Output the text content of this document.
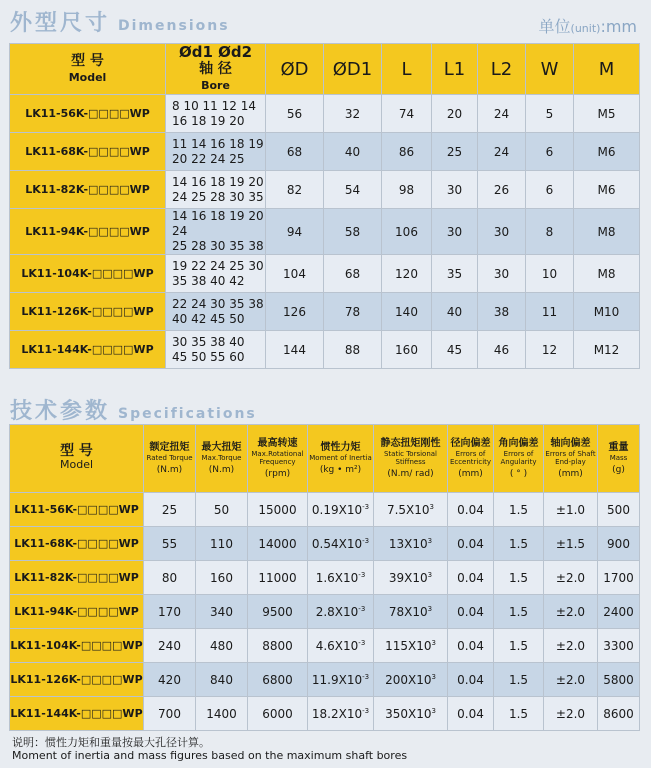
外型尺寸 Dimensions	单位(unit):mm
型 号
Model	Ød1 Ød2
轴 径
Bore	ØD	ØD1	L	L1	L2	W	M
LK11-56K-□□□□WP	8 10 11 12 14
16 18 19 20	56	32	74	20	24	5	M5
LK11-68K-□□□□WP	11 14 16 18 19
20 22 24 25	68	40	86	25	24	6	M6
LK11-82K-□□□□WP	14 16 18 19 20
24 25 28 30 35	82	54	98	30	26	6	M6
LK11-94K-□□□□WP	14 16 18 19 20 24
25 28 30 35 38	94	58	106	30	30	8	M8
LK11-104K-□□□□WP	19 22 24 25 30
35 38 40 42	104	68	120	35	30	10	M8
LK11-126K-□□□□WP	22 24 30 35 38
40 42 45 50	126	78	140	40	38	11	M10
LK11-144K-□□□□WP	30 35 38 40
45 50 55 60	144	88	160	45	46	12	M12
技术参数 Specifications
型 号
Model	额定扭矩
Rated Torque
(N.m)	最大扭矩
Max.Torque
(N.m)	最高转速
Max.Rotational Frequency
(rpm)	惯性力矩
Moment of Inertia
(kg • m²)	静态扭矩刚性
Static Torsional Stiffness
(N.m/ rad)	径向偏差
Errors of Eccentricity
(mm)	角向偏差
Errors of Angularity
( ° )	轴向偏差
Errors of Shaft End-play
(mm)	重量
Mass
(g)

LK11-56K-□□□□WP	25	50	15000	$0.19X10^{-3}$	$7.5X10^3$	0.04	1.5	±1.0	500
LK11-68K-□□□□WP	55	110	14000	$0.54X10^{-3}$	$13X10^3$	0.04	1.5	±1.5	900
LK11-82K-□□□□WP	80	160	11000	$1.6X10^{-3}$	$39X10^3$	0.04	1.5	±2.0	1700
LK11-94K-□□□□WP	170	340	9500	$2.8X10^{-3}$	$78X10^3$	0.04	1.5	±2.0	2400
LK11-104K-□□□□WP	240	480	8800	$4.6X10^{-3}$	$115X10^3$	0.04	1.5	±2.0	3300
LK11-126K-□□□□WP	420	840	6800	$11.9X10^{-3}$	$200X10^3$	0.04	1.5	±2.0	5800
LK11-144K-□□□□WP	700	1400	6000	$18.2X10^{-3}$	$350X10^3$	0.04	1.5	±2.0	8600
说明：惯性力矩和重量按最大孔径计算。
Moment of inertia and mass figures based on the maximum shaft bores
